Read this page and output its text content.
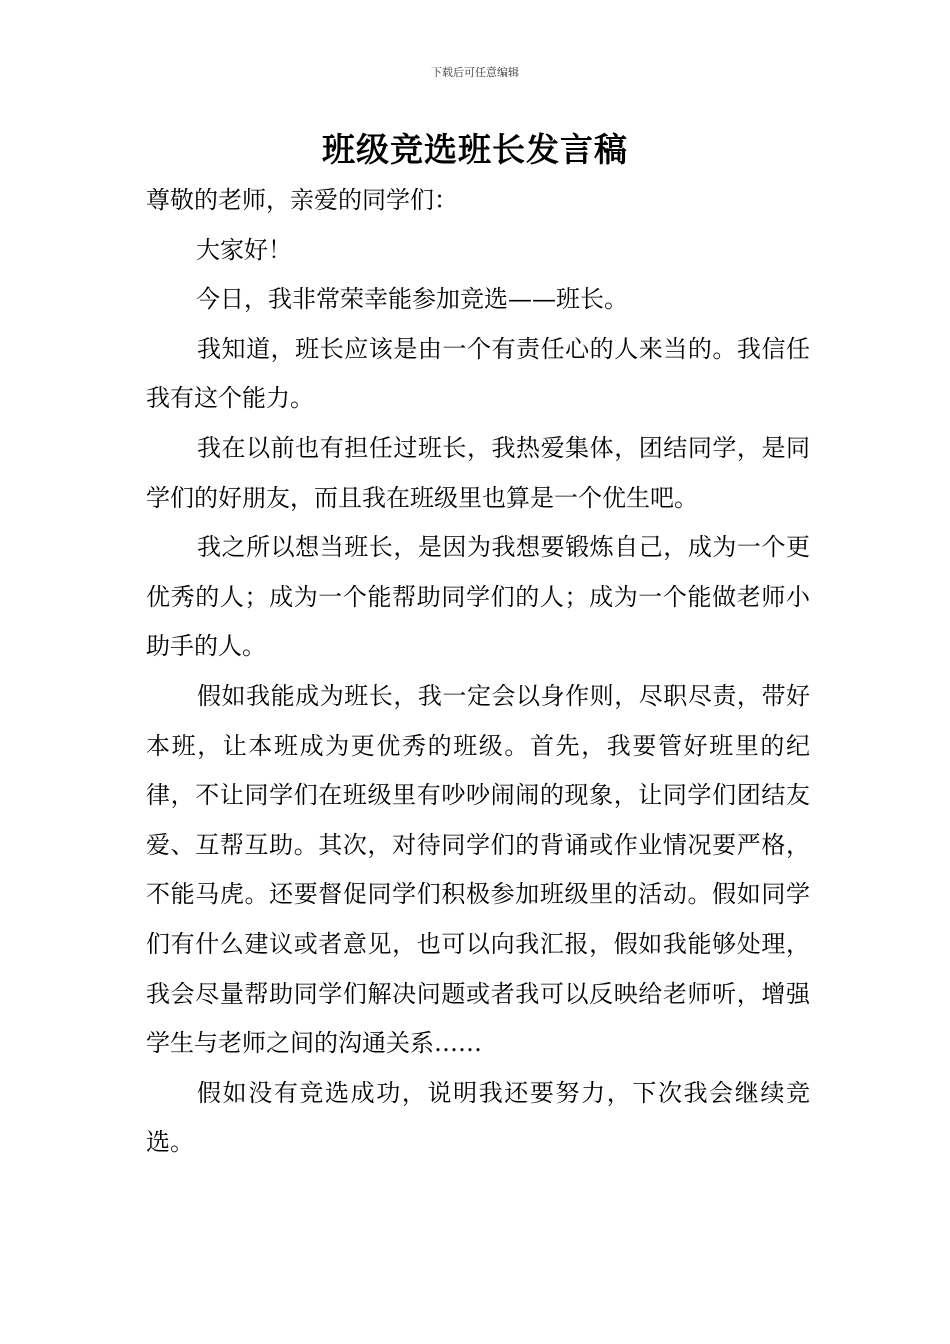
下载后可任意编辑
班级竞选班长发言稿

尊敬的老师，亲爱的同学们：

大家好！

今日，我非常荣幸能参加竞选——班长。

我知道，班长应该是由一个有责任心的人来当的。我信任我有这个能力。

我在以前也有担任过班长，我热爱集体，团结同学，是同学们的好朋友，而且我在班级里也算是一个优生吧。

我之所以想当班长，是因为我想要锻炼自己，成为一个更优秀的人；成为一个能帮助同学们的人；成为一个能做老师小助手的人。

假如我能成为班长，我一定会以身作则，尽职尽责，带好本班，让本班成为更优秀的班级。首先，我要管好班里的纪律，不让同学们在班级里有吵吵闹闹的现象，让同学们团结友爱、互帮互助。其次，对待同学们的背诵或作业情况要严格，不能马虎。还要督促同学们积极参加班级里的活动。假如同学们有什么建议或者意见，也可以向我汇报，假如我能够处理，我会尽量帮助同学们解决问题或者我可以反映给老师听，增强学生与老师之间的沟通关系……

假如没有竞选成功，说明我还要努力，下次我会继续竞选。
